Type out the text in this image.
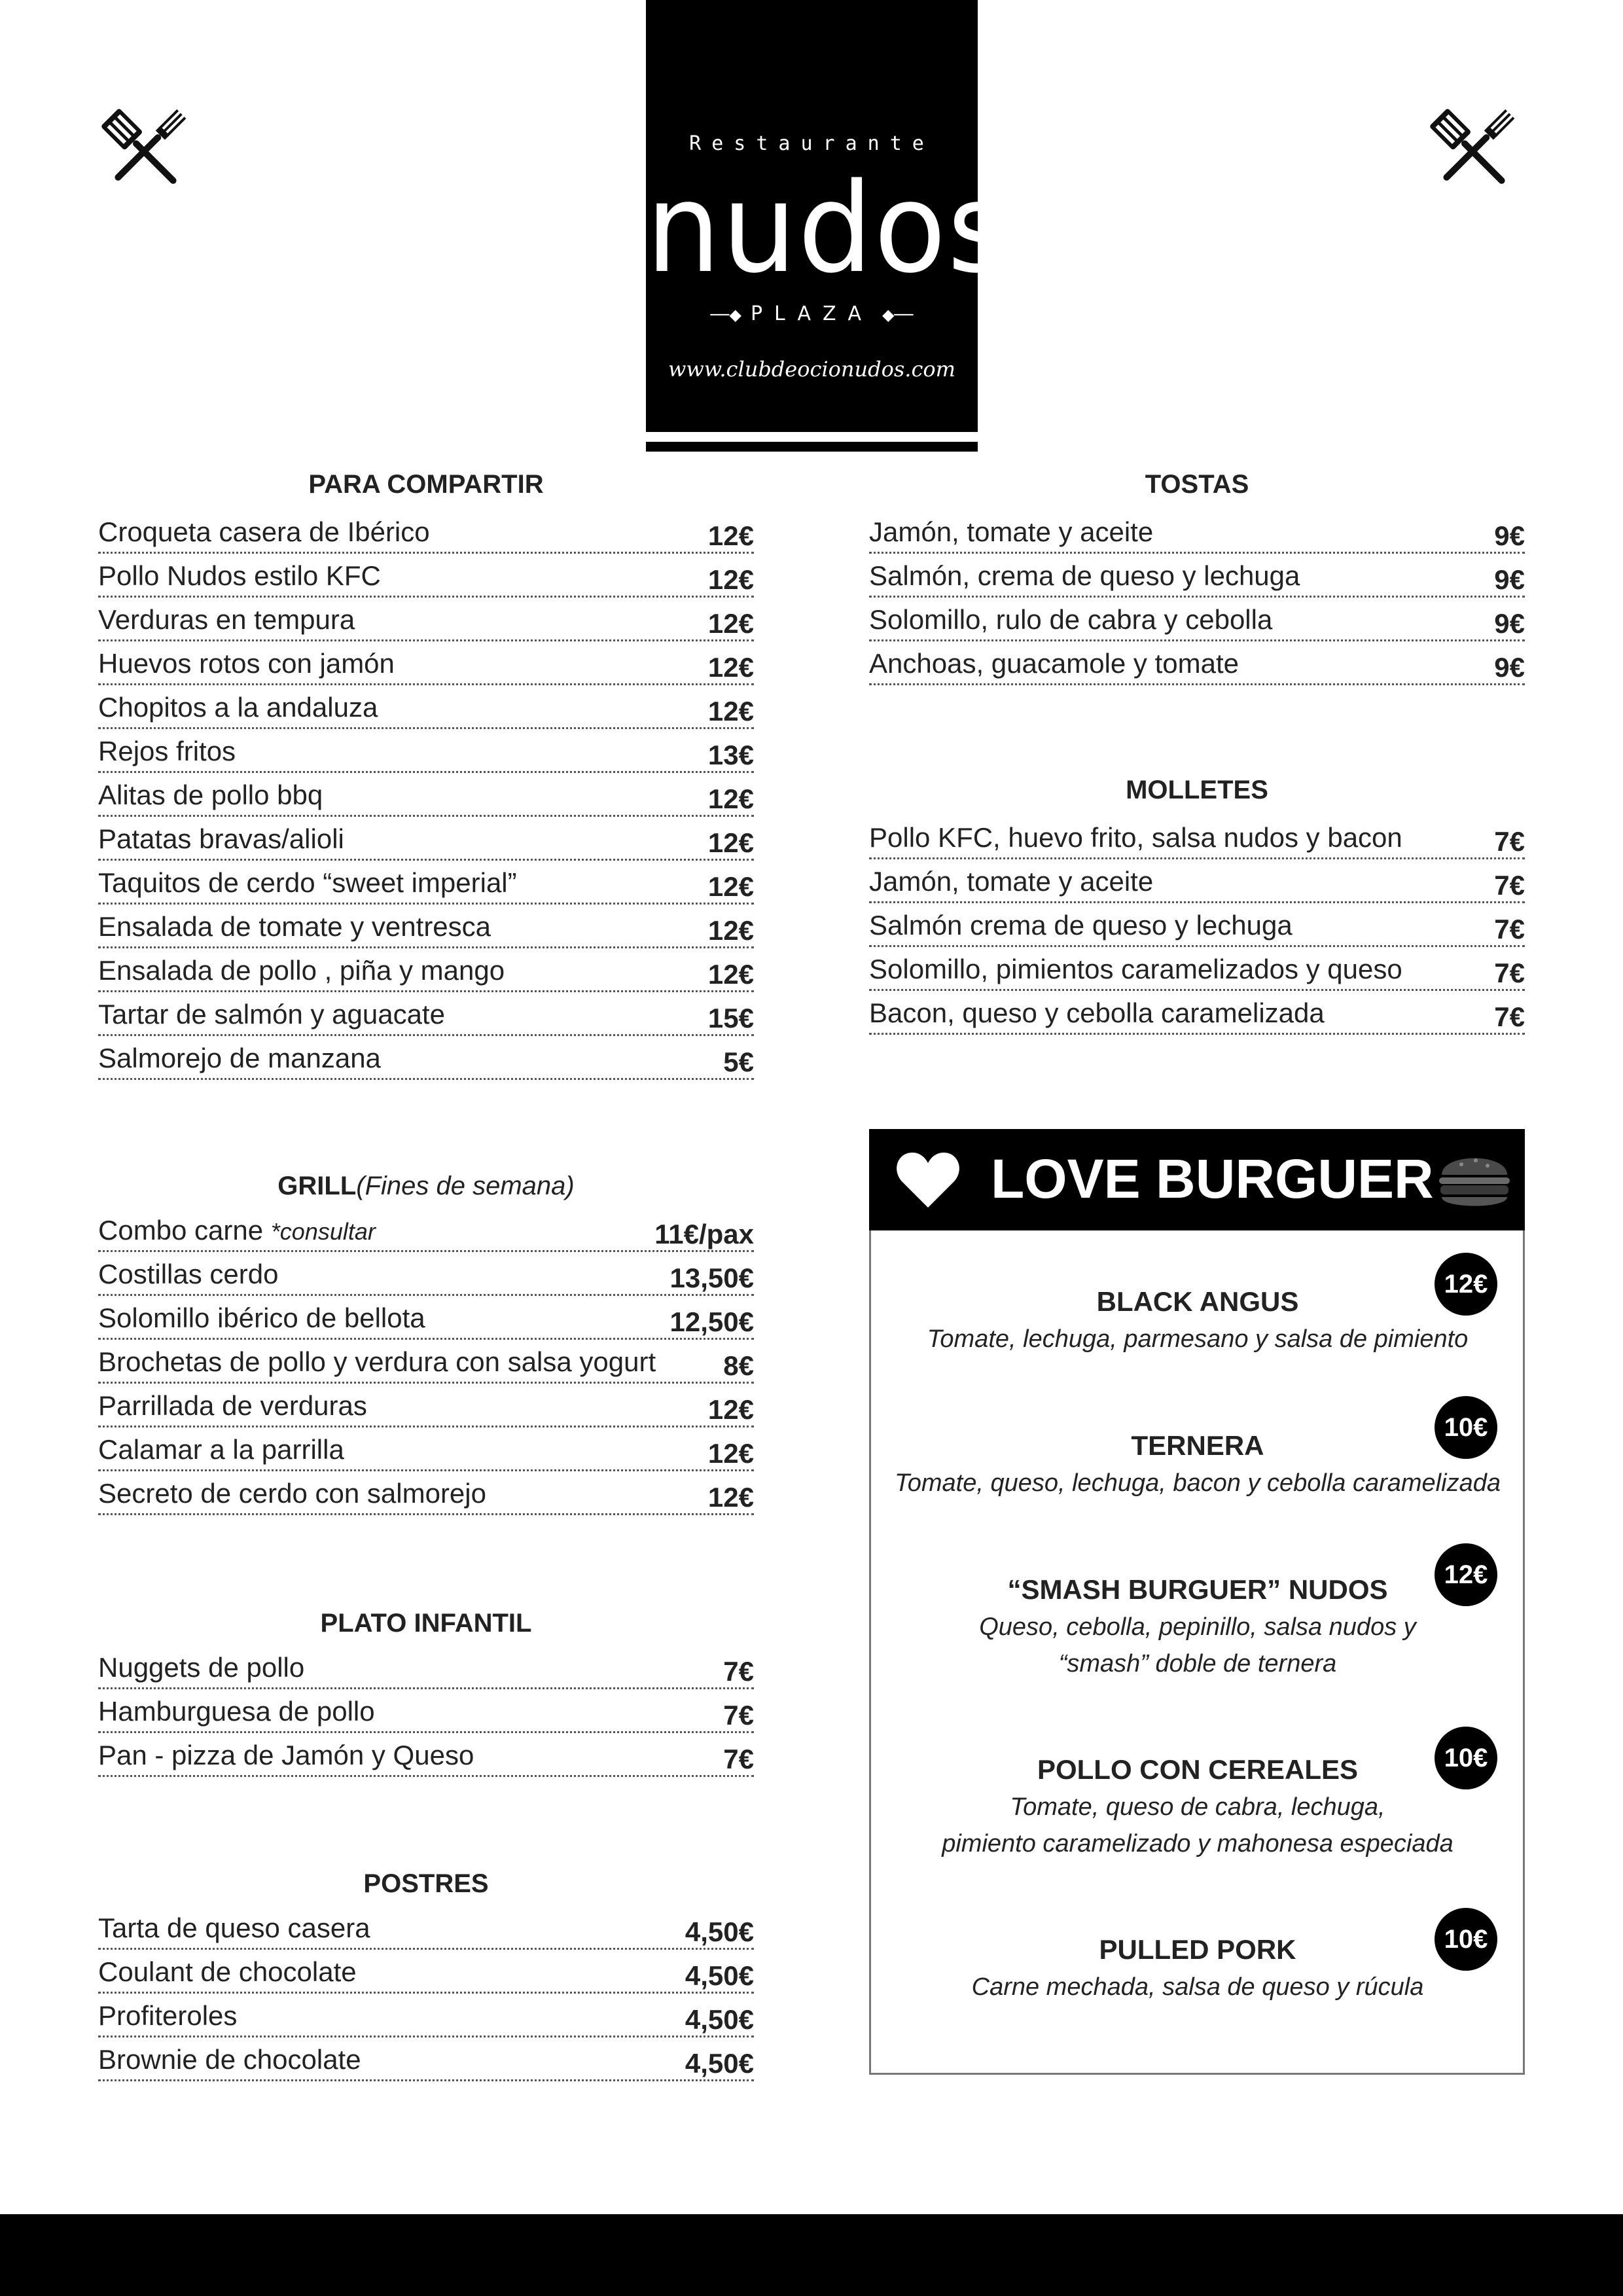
Restaurante
nudos
──◆ PLAZA ◆──
www.clubdeocionudos.com
PARA COMPARTIR
Croqueta casera de Ibérico	12€
Pollo Nudos estilo KFC	12€
Verduras en tempura	12€
Huevos rotos con jamón	12€
Chopitos a la andaluza	12€
Rejos fritos	13€
Alitas de pollo bbq	12€
Patatas bravas/alioli	12€
Taquitos de cerdo “sweet imperial”	12€
Ensalada de tomate y ventresca	12€
Ensalada de pollo , piña y mango	12€
Tartar de salmón y aguacate	15€
Salmorejo de manzana	5€
TOSTAS
Jamón, tomate y aceite	9€
Salmón, crema de queso y lechuga	9€
Solomillo, rulo de cabra y cebolla	9€
Anchoas, guacamole y tomate	9€
MOLLETES
Pollo KFC, huevo frito, salsa nudos y bacon	7€
Jamón, tomate y aceite	7€
Salmón crema de queso y lechuga	7€
Solomillo, pimientos caramelizados y queso	7€
Bacon, queso y cebolla caramelizada	7€
GRILL(Fines de semana)
Combo carne *consultar	11€/pax
Costillas cerdo	13,50€
Solomillo ibérico de bellota	12,50€
Brochetas de pollo y verdura con salsa yogurt 8€
Parrillada de verduras	12€
Calamar a la parrilla	12€
Secreto de cerdo con salmorejo	12€
PLATO INFANTIL
Nuggets de pollo	7€
Hamburguesa de pollo	7€
Pan - pizza de Jamón y Queso	7€
POSTRES
Tarta de queso casera	4,50€
Coulant de chocolate	4,50€
Profiteroles	4,50€
Brownie de chocolate	4,50€
LOVE BURGUER
12€
BLACK ANGUS
Tomate, lechuga, parmesano y salsa de pimiento
10€
TERNERA
Tomate, queso, lechuga, bacon y cebolla caramelizada
12€
“SMASH BURGUER” NUDOS
Queso, cebolla, pepinillo, salsa nudos y
“smash” doble de ternera
10€
POLLO CON CEREALES
Tomate, queso de cabra, lechuga,
pimiento caramelizado y mahonesa especiada
10€
PULLED PORK
Carne mechada, salsa de queso y rúcula
